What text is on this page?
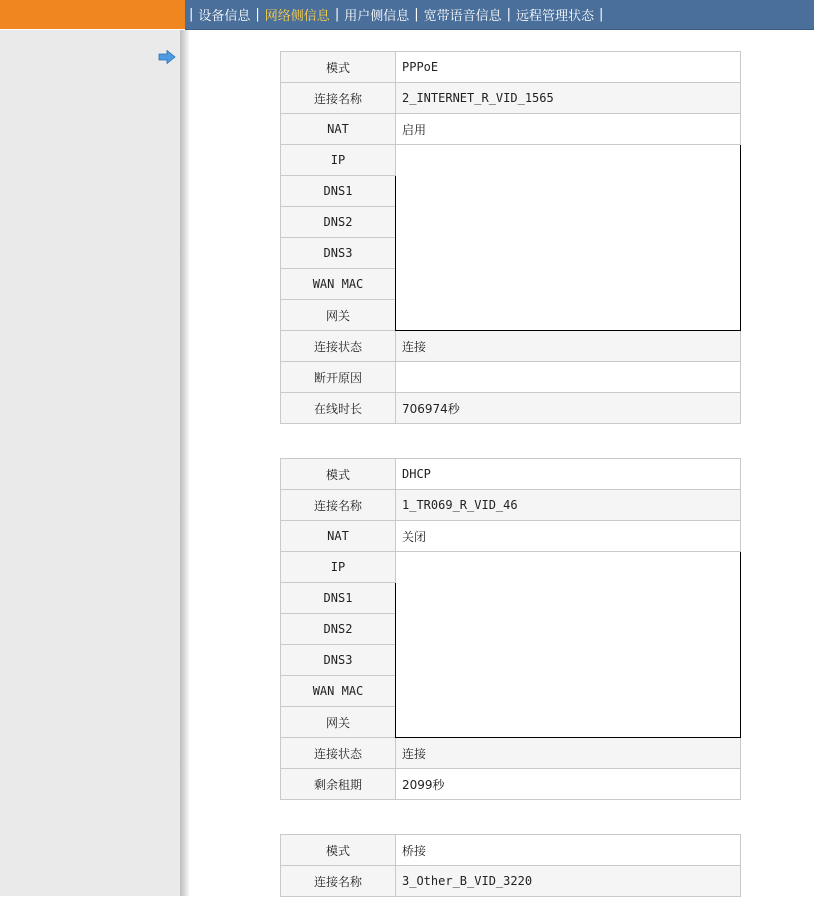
| 设备信息 | 网络侧信息 | 用户侧信息 | 宽带语音信息 | 远程管理状态 |
模式	PPPoE
连接名称	2_INTERNET_R_VID_1565
NAT	启用
IP	
DNS1	
DNS2	
DNS3	
WAN MAC	
网关	
连接状态	连接
断开原因	
在线时长	706974秒
模式	DHCP
连接名称	1_TR069_R_VID_46
NAT	关闭
IP	
DNS1	
DNS2	
DNS3	
WAN MAC	
网关	
连接状态	连接
剩余租期	2099秒
模式	桥接
连接名称	3_Other_B_VID_3220
